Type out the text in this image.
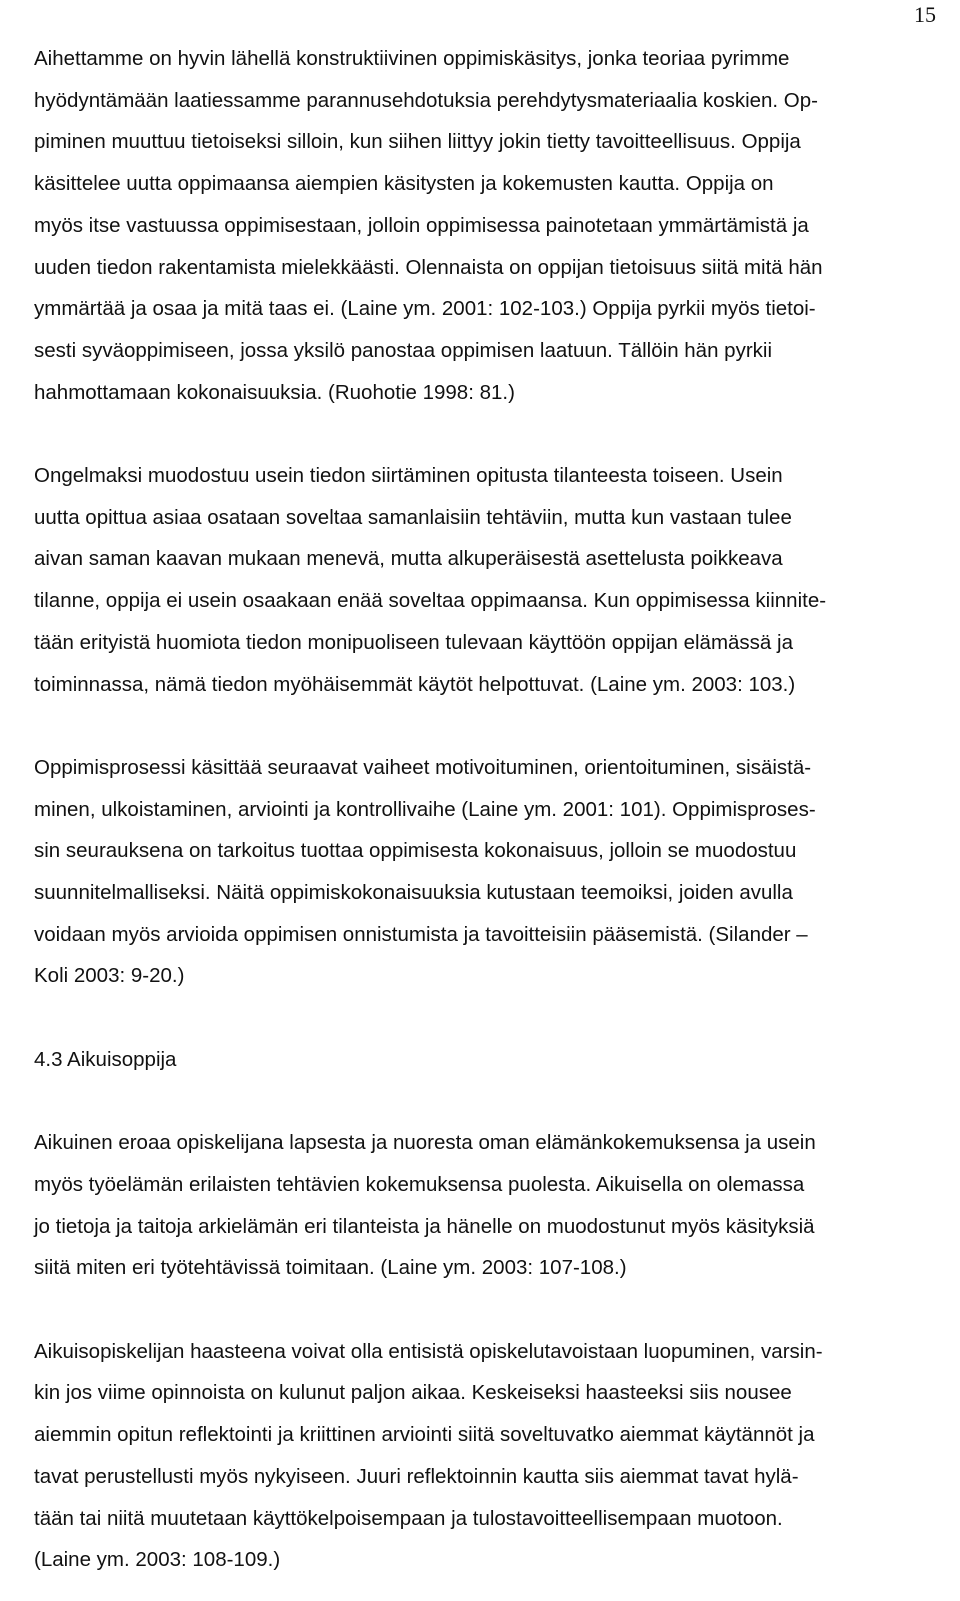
15
Aihettamme on hyvin lähellä konstruktiivinen oppimiskäsitys, jonka teoriaa pyrimme
hyödyntämään laatiessamme parannusehdotuksia perehdytysmateriaalia koskien. Op-
piminen muuttuu tietoiseksi silloin, kun siihen liittyy jokin tietty tavoitteellisuus. Oppija
käsittelee uutta oppimaansa aiempien käsitysten ja kokemusten kautta. Oppija on
myös itse vastuussa oppimisestaan, jolloin oppimisessa painotetaan ymmärtämistä ja
uuden tiedon rakentamista mielekkäästi. Olennaista on oppijan tietoisuus siitä mitä hän
ymmärtää ja osaa ja mitä taas ei. (Laine ym. 2001: 102-103.) Oppija pyrkii myös tietoi-
sesti syväoppimiseen, jossa yksilö panostaa oppimisen laatuun. Tällöin hän pyrkii
hahmottamaan kokonaisuuksia. (Ruohotie 1998: 81.)
Ongelmaksi muodostuu usein tiedon siirtäminen opitusta tilanteesta toiseen. Usein
uutta opittua asiaa osataan soveltaa samanlaisiin tehtäviin, mutta kun vastaan tulee
aivan saman kaavan mukaan menevä, mutta alkuperäisestä asettelusta poikkeava
tilanne, oppija ei usein osaakaan enää soveltaa oppimaansa. Kun oppimisessa kiinnite-
tään erityistä huomiota tiedon monipuoliseen tulevaan käyttöön oppijan elämässä ja
toiminnassa, nämä tiedon myöhäisemmät käytöt helpottuvat. (Laine ym. 2003: 103.)
Oppimisprosessi käsittää seuraavat vaiheet motivoituminen, orientoituminen, sisäistä-
minen, ulkoistaminen, arviointi ja kontrollivaihe (Laine ym. 2001: 101). Oppimisproses-
sin seurauksena on tarkoitus tuottaa oppimisesta kokonaisuus, jolloin se muodostuu
suunnitelmalliseksi. Näitä oppimiskokonaisuuksia kutustaan teemoiksi, joiden avulla
voidaan myös arvioida oppimisen onnistumista ja tavoitteisiin pääsemistä. (Silander –
Koli 2003: 9-20.)
4.3 Aikuisoppija
Aikuinen eroaa opiskelijana lapsesta ja nuoresta oman elämänkokemuksensa ja usein
myös työelämän erilaisten tehtävien kokemuksensa puolesta. Aikuisella on olemassa
jo tietoja ja taitoja arkielämän eri tilanteista ja hänelle on muodostunut myös käsityksiä
siitä miten eri työtehtävissä toimitaan. (Laine ym. 2003: 107-108.)
Aikuisopiskelijan haasteena voivat olla entisistä opiskelutavoistaan luopuminen, varsin-
kin jos viime opinnoista on kulunut paljon aikaa. Keskeiseksi haasteeksi siis nousee
aiemmin opitun reflektointi ja kriittinen arviointi siitä soveltuvatko aiemmat käytännöt ja
tavat perustellusti myös nykyiseen. Juuri reflektoinnin kautta siis aiemmat tavat hylä-
tään tai niitä muutetaan käyttökelpoisempaan ja tulostavoitteellisempaan muotoon.
(Laine ym. 2003: 108-109.)
